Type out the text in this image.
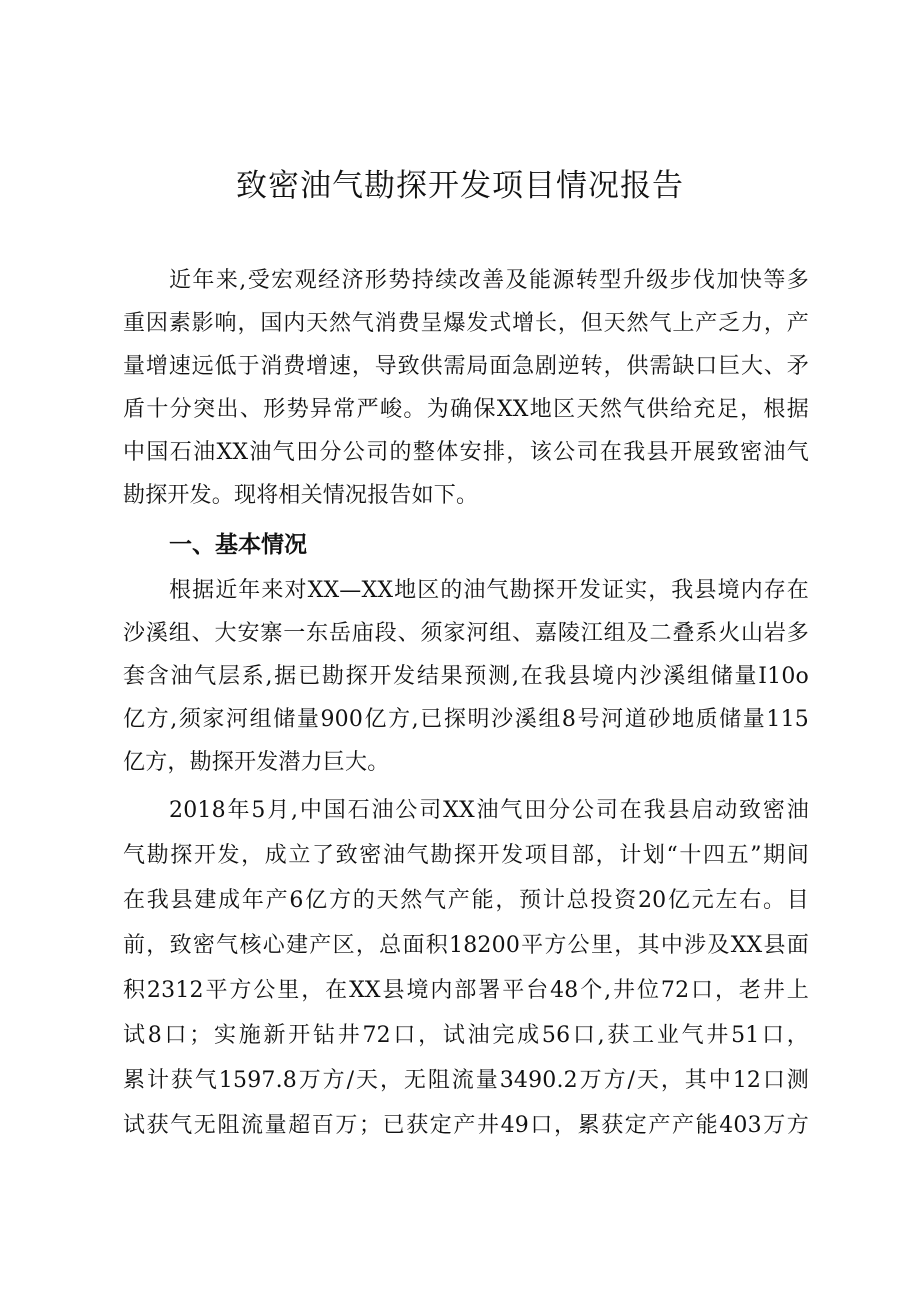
致密油气勘探开发项目情况报告
近年来,受宏观经济形势持续改善及能源转型升级步伐加快等多
重因素影响，国内天然气消费呈爆发式增长，但天然气上产乏力，产
量增速远低于消费增速，导致供需局面急剧逆转，供需缺口巨大、矛
盾十分突出、形势异常严峻。为确保XX地区天然气供给充足，根据
中国石油XX油气田分公司的整体安排，该公司在我县开展致密油气
勘探开发。现将相关情况报告如下。
一、基本情况
根据近年来对XX—XX地区的油气勘探开发证实，我县境内存在
沙溪组、大安寨一东岳庙段、须家河组、嘉陵江组及二叠系火山岩多
套含油气层系,据已勘探开发结果预测,在我县境内沙溪组储量I10o
亿方,须家河组储量900亿方,已探明沙溪组8号河道砂地质储量115
亿方，勘探开发潜力巨大。
2018年5月,中国石油公司XX油气田分公司在我县启动致密油
气勘探开发，成立了致密油气勘探开发项目部，计划“十四五”期间
在我县建成年产6亿方的天然气产能，预计总投资20亿元左右。目
前，致密气核心建产区，总面积18200平方公里，其中涉及XX县面
积2312平方公里，在XX县境内部署平台48个,井位72口，老井上
试8口；实施新开钻井72口，试油完成56口,获工业气井51口，
累计获气1597.8万方/天，无阻流量3490.2万方/天，其中12口测
试获气无阻流量超百万；已获定产井49口，累获定产产能403万方
